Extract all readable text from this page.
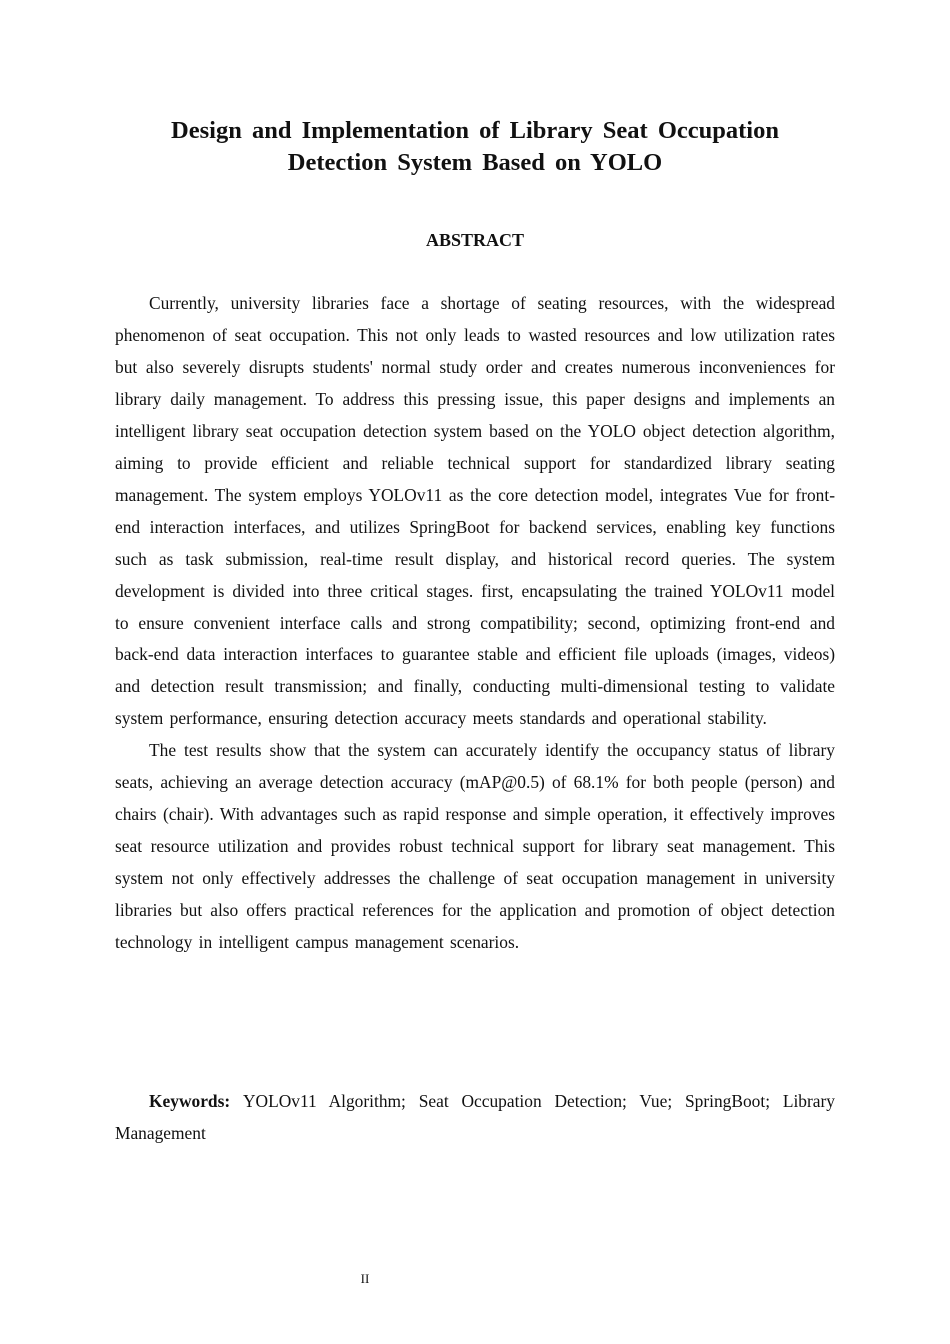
Design and Implementation of Library Seat Occupation
Detection System Based on YOLO
ABSTRACT

Currently, university libraries face a shortage of seating resources, with the widespread phenomenon of seat occupation. This not only leads to wasted resources and low utilization rates but also severely disrupts students' normal study order and creates numerous inconveniences for library daily management. To address this pressing issue, this paper designs and implements an intelligent library seat occupation detection system based on the YOLO object detection algorithm, aiming to provide efficient and reliable technical support for standardized library seating management. The system employs YOLOv11 as the core detection model, integrates Vue for front-end interaction interfaces, and utilizes SpringBoot for backend services, enabling key functions such as task submission, real-time result display, and historical record queries. The system development is divided into three critical stages. first, encapsulating the trained YOLOv11 model to ensure convenient interface calls and strong compatibility; second, optimizing front-end and back-end data interaction interfaces to guarantee stable and efficient file uploads (images, videos) and detection result transmission; and finally, conducting multi-dimensional testing to validate system performance, ensuring detection accuracy meets standards and operational stability.

The test results show that the system can accurately identify the occupancy status of library seats, achieving an average detection accuracy (mAP@0.5) of 68.1% for both people (person) and chairs (chair). With advantages such as rapid response and simple operation, it effectively improves seat resource utilization and provides robust technical support for library seat management. This system not only effectively addresses the challenge of seat occupation management in university libraries but also offers practical references for the application and promotion of object detection technology in intelligent campus management scenarios.

Keywords: YOLOv11 Algorithm; Seat Occupation Detection; Vue; SpringBoot; Library Management
II
